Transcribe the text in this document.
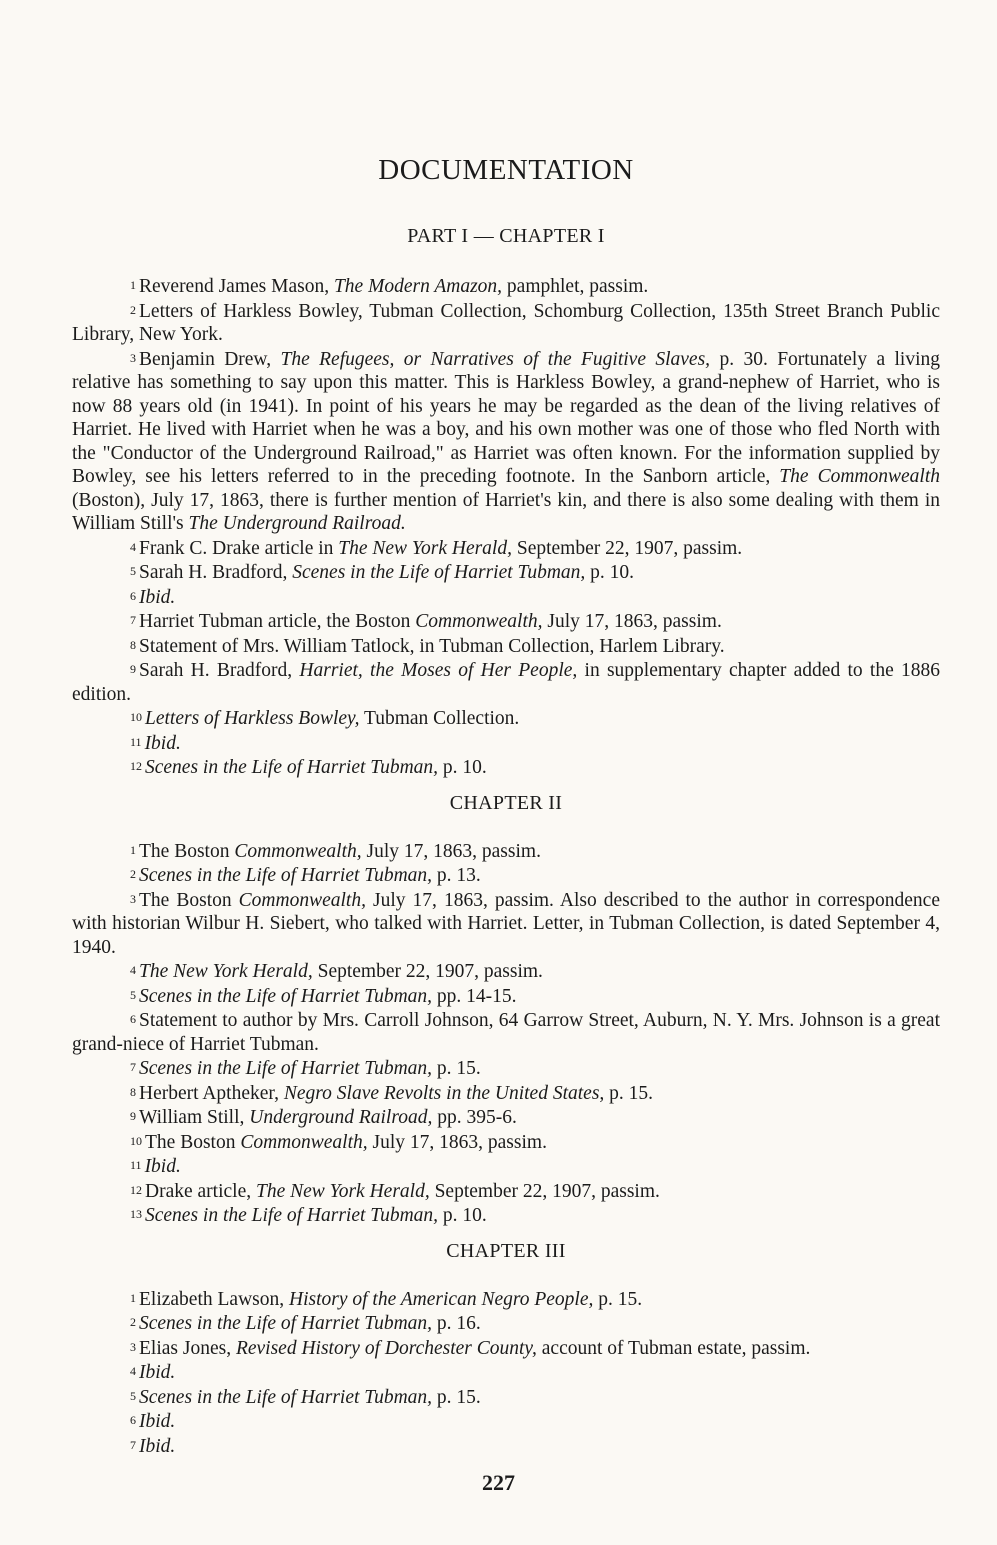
DOCUMENTATION
PART I — CHAPTER I

1 Reverend James Mason, The Modern Amazon, pamphlet, passim.

2 Letters of Harkless Bowley, Tubman Collection, Schomburg Collection, 135th Street Branch Public Library, New York.

3 Benjamin Drew, The Refugees, or Narratives of the Fugitive Slaves, p. 30. Fortunately a living relative has something to say upon this matter. This is Harkless Bowley, a grand-nephew of Harriet, who is now 88 years old (in 1941). In point of his years he may be regarded as the dean of the living relatives of Harriet. He lived with Harriet when he was a boy, and his own mother was one of those who fled North with the "Conductor of the Underground Railroad," as Harriet was often known. For the information supplied by Bowley, see his letters referred to in the preceding footnote. In the Sanborn article, The Commonwealth (Boston), July 17, 1863, there is further mention of Harriet's kin, and there is also some dealing with them in William Still's The Underground Railroad.

4 Frank C. Drake article in The New York Herald, September 22, 1907, passim.

5 Sarah H. Bradford, Scenes in the Life of Harriet Tubman, p. 10.

6 Ibid.

7 Harriet Tubman article, the Boston Commonwealth, July 17, 1863, passim.

8 Statement of Mrs. William Tatlock, in Tubman Collection, Harlem Library.

9 Sarah H. Bradford, Harriet, the Moses of Her People, in supplementary chapter added to the 1886 edition.

10 Letters of Harkless Bowley, Tubman Collection.

11 Ibid.

12 Scenes in the Life of Harriet Tubman, p. 10.

CHAPTER II

1 The Boston Commonwealth, July 17, 1863, passim.

2 Scenes in the Life of Harriet Tubman, p. 13.

3 The Boston Commonwealth, July 17, 1863, passim. Also described to the author in correspondence with historian Wilbur H. Siebert, who talked with Harriet. Letter, in Tubman Collection, is dated September 4, 1940.

4 The New York Herald, September 22, 1907, passim.

5 Scenes in the Life of Harriet Tubman, pp. 14-15.

6 Statement to author by Mrs. Carroll Johnson, 64 Garrow Street, Auburn, N. Y. Mrs. Johnson is a great grand-niece of Harriet Tubman.

7 Scenes in the Life of Harriet Tubman, p. 15.

8 Herbert Aptheker, Negro Slave Revolts in the United States, p. 15.

9 William Still, Underground Railroad, pp. 395-6.

10 The Boston Commonwealth, July 17, 1863, passim.

11 Ibid.

12 Drake article, The New York Herald, September 22, 1907, passim.

13 Scenes in the Life of Harriet Tubman, p. 10.

CHAPTER III

1 Elizabeth Lawson, History of the American Negro People, p. 15.

2 Scenes in the Life of Harriet Tubman, p. 16.

3 Elias Jones, Revised History of Dorchester County, account of Tubman estate, passim.

4 Ibid.

5 Scenes in the Life of Harriet Tubman, p. 15.

6 Ibid.

7 Ibid.

227
